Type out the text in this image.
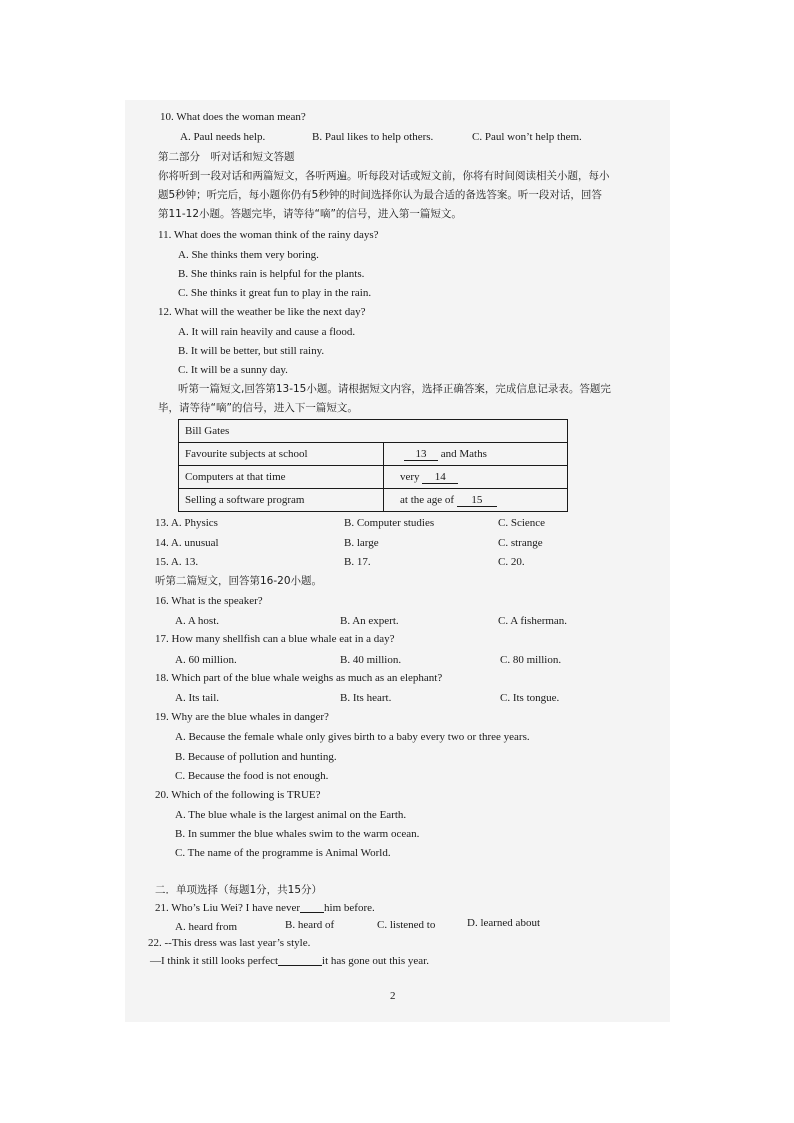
10. What does the woman mean?
A. Paul needs help.	B. Paul likes to help others.	C. Paul won’t help them.
第二部分　听对话和短文答题
你将听到一段对话和两篇短文，各听两遍。听每段对话或短文前，你将有时间阅读相关小题，每小
题5秒钟；听完后，每小题你仍有5秒钟的时间选择你认为最合适的备选答案。听一段对话，回答
第11-12小题。答题完毕，请等待“嘀”的信号，进入第一篇短文。
11. What does the woman think of the rainy days?
A. She thinks them very boring.
B. She thinks rain is helpful for the plants.
C. She thinks it great fun to play in the rain.
12. What will the weather be like the next day?
A. It will rain heavily and cause a flood.
B. It will be better, but still rainy.
C. It will be a sunny day.
听第一篇短文,回答第13-15小题。请根据短文内容，选择正确答案，完成信息记录表。答题完
毕，请等待“嘀”的信号，进入下一篇短文。
Bill Gates	
Favourite subjects at school	13 and Maths
Computers at that time	very 14
Selling a software program	at the age of 15
13. A. Physics	B. Computer studies	C. Science
14. A. unusual	B. large	C. strange
15. A. 13.	B. 17.	C. 20.
听第二篇短文，回答第16-20小题。
16. What is the speaker?
A. A host.	B. An expert.	C. A fisherman.
17. How many shellfish can a blue whale eat in a day?
A. 60 million.	B. 40 million.	C. 80 million.
18. Which part of the blue whale weighs as much as an elephant?
A. Its tail.	B. Its heart.	C. Its tongue.
19. Why are the blue whales in danger?
A. Because the female whale only gives birth to a baby every two or three years.
B. Because of pollution and hunting.
C. Because the food is not enough.
20. Which of the following is TRUE?
A. The blue whale is the largest animal on the Earth.
B. In summer the blue whales swim to the warm ocean.
C. The name of the programme is Animal World.
二．单项选择（每题1分，共15分）
21. Who’s Liu Wei? I have never him before.
A. heard from	B. heard of	C. listened to	D. learned about
22. --This dress was last year’s style.
—I think it still looks perfect	it has gone out this year.
2
